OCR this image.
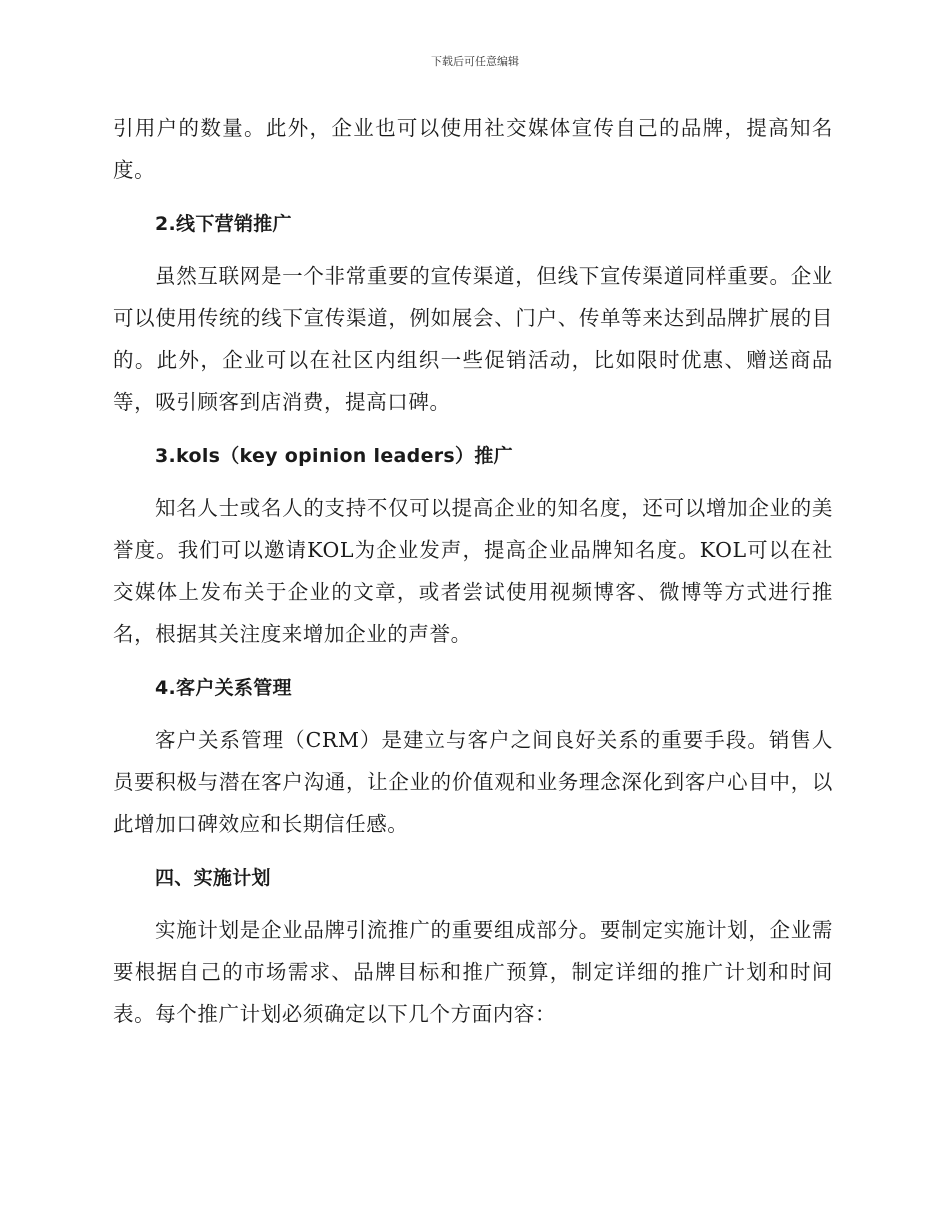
下载后可任意编辑

引用户的数量。此外，企业也可以使用社交媒体宣传自己的品牌，提高知名度。

2.线下营销推广

虽然互联网是一个非常重要的宣传渠道，但线下宣传渠道同样重要。企业可以使用传统的线下宣传渠道，例如展会、门户、传单等来达到品牌扩展的目的。此外，企业可以在社区内组织一些促销活动，比如限时优惠、赠送商品等，吸引顾客到店消费，提高口碑。

3.kols（key opinion leaders）推广

知名人士或名人的支持不仅可以提高企业的知名度，还可以增加企业的美誉度。我们可以邀请KOL为企业发声，提高企业品牌知名度。KOL可以在社交媒体上发布关于企业的文章，或者尝试使用视频博客、微博等方式进行推名，根据其关注度来增加企业的声誉。

4.客户关系管理

客户关系管理（CRM）是建立与客户之间良好关系的重要手段。销售人员要积极与潜在客户沟通，让企业的价值观和业务理念深化到客户心目中，以此增加口碑效应和长期信任感。

四、实施计划

实施计划是企业品牌引流推广的重要组成部分。要制定实施计划，企业需要根据自己的市场需求、品牌目标和推广预算，制定详细的推广计划和时间表。每个推广计划必须确定以下几个方面内容：
